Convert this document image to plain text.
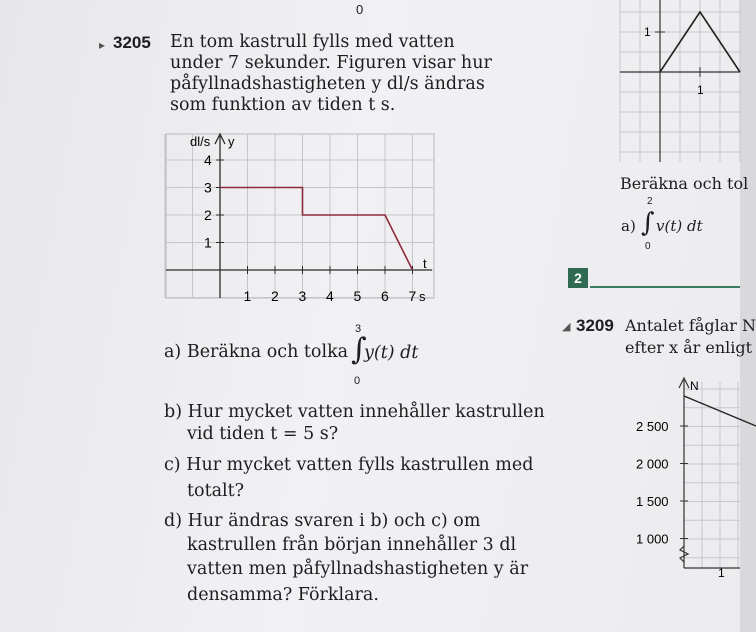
0
▸ 3205 En tom kastrull fylls med vatten
under 7 sekunder. Figuren visar hur
påfyllnadshastigheten y dl/s ändras
som funktion av tiden t s.
1 2 3 4 5 6 7
1
2
3
4
dl/s y
t
s
a) Beräkna och tolka ∫
3
0
y(t) dt
b) Hur mycket vatten innehåller kastrullen
vid tiden t = 5 s?
c) Hur mycket vatten fylls kastrullen med
totalt?
d) Hur ändras svaren i b) och c) om
kastrullen från början innehåller 3 dl
vatten men påfyllnadshastigheten y är
densamma? Förklara.
1
1
Beräkna och tol
a) ∫
2
0
v(t) dt
2
◢ 3209 Antalet fåglar N
efter x år enligt
N
2 500
2 000
1 500
1 000
1
